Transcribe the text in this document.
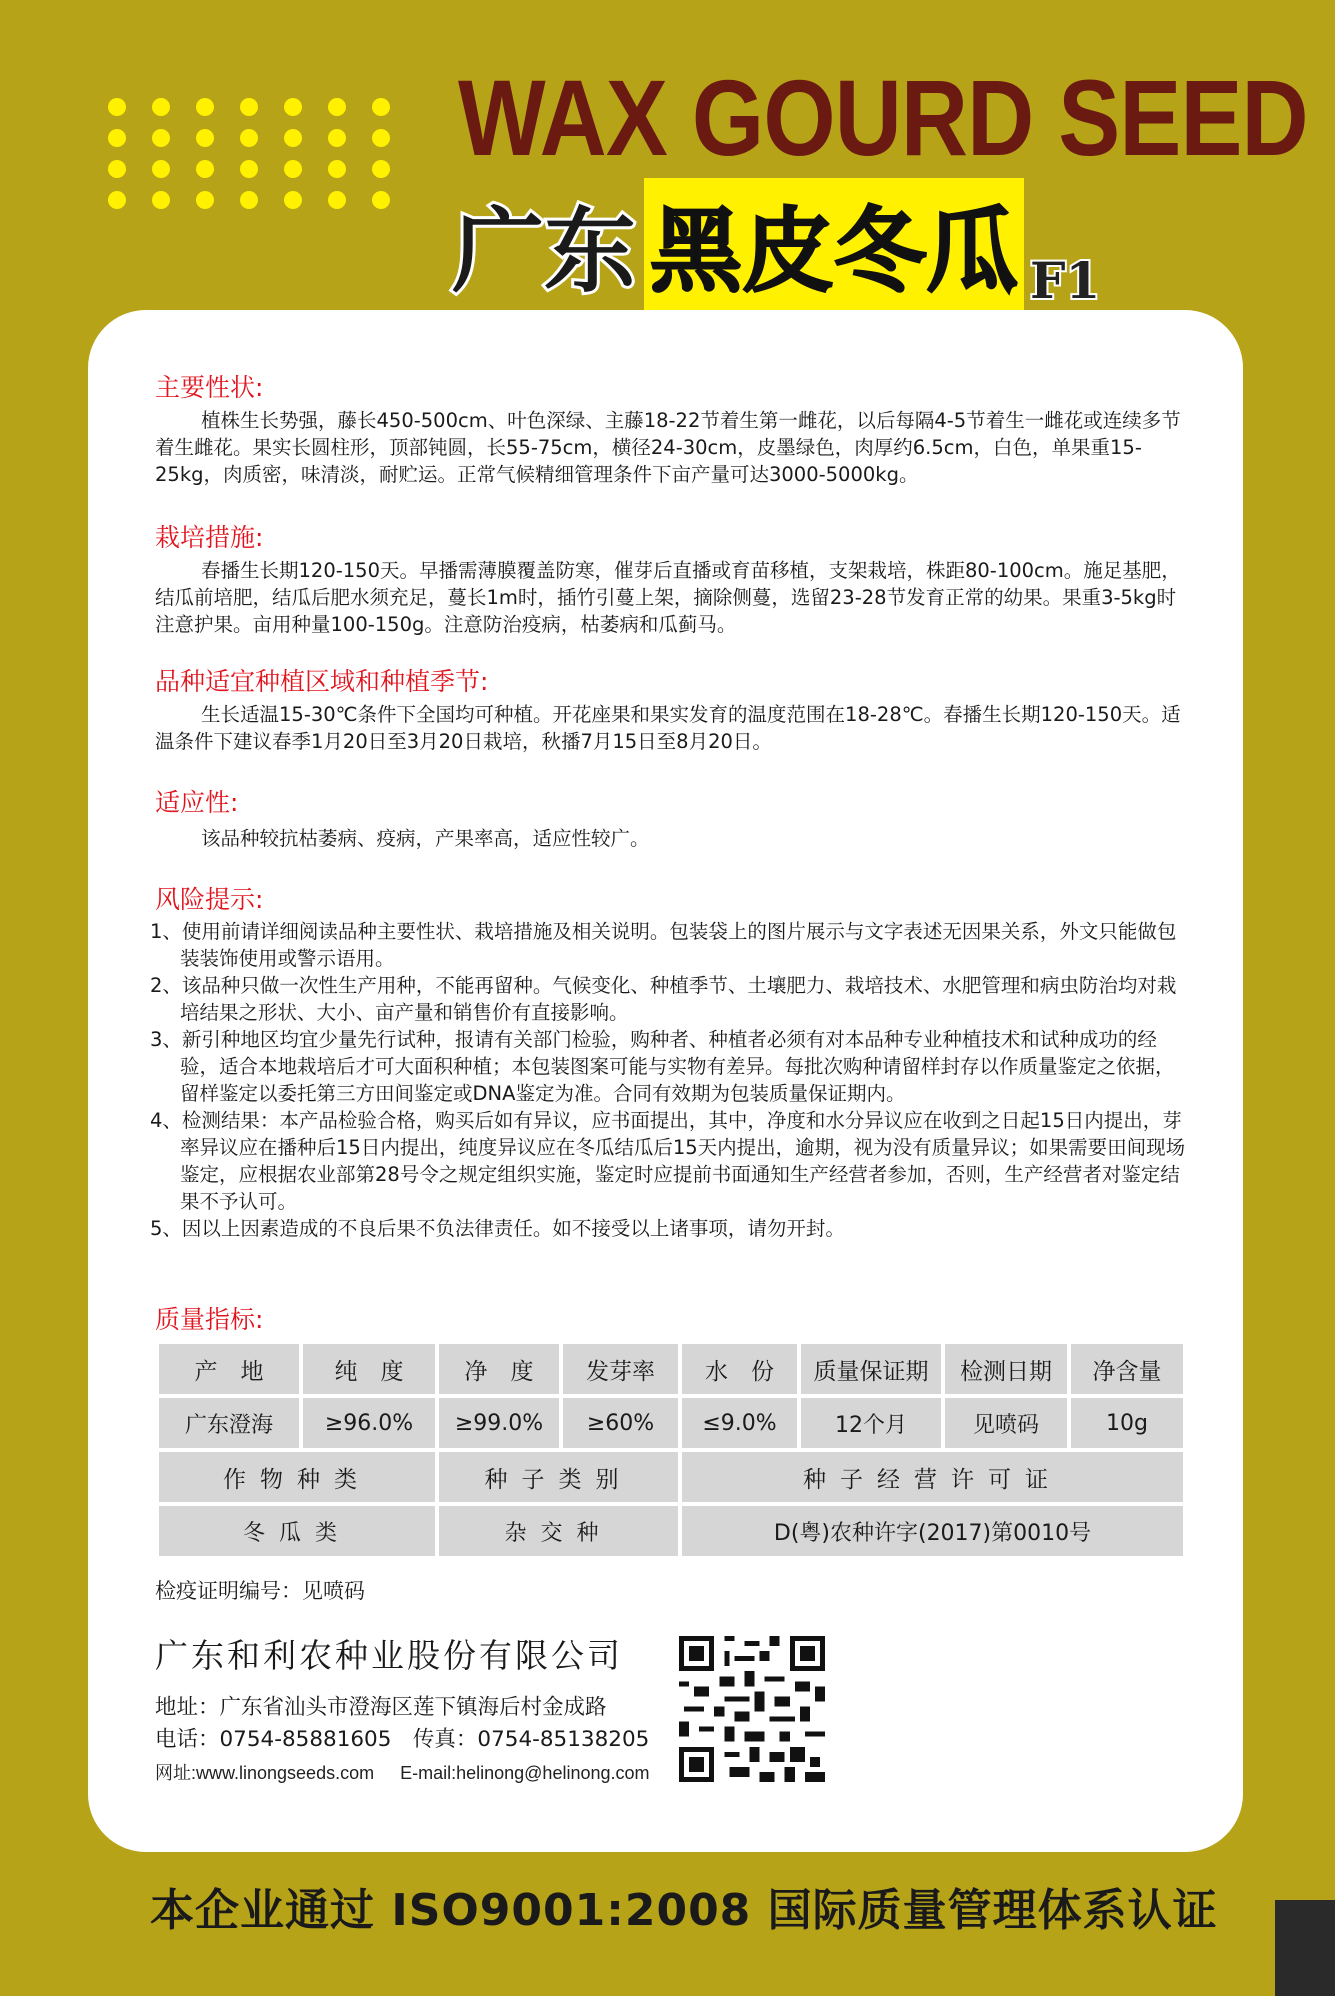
WAX GOURD SEED
广东 黑皮冬瓜 F1
主要性状:

植株生长势强，藤长450-500cm、叶色深绿、主藤18-22节着生第一雌花，以后每隔4-5节着生一雌花或连续多节着生雌花。果实长圆柱形，顶部钝圆，长55-75cm，横径24-30cm，皮墨绿色，肉厚约6.5cm，白色，单果重15-25kg，肉质密，味清淡，耐贮运。正常气候精细管理条件下亩产量可达3000-5000kg。

栽培措施:

春播生长期120-150天。早播需薄膜覆盖防寒，催芽后直播或育苗移植，支架栽培，株距80-100cm。施足基肥，结瓜前培肥，结瓜后肥水须充足，蔓长1m时，插竹引蔓上架，摘除侧蔓，选留23-28节发育正常的幼果。果重3-5kg时注意护果。亩用种量100-150g。注意防治疫病，枯萎病和瓜蓟马。

品种适宜种植区域和种植季节:

生长适温15-30℃条件下全国均可种植。开花座果和果实发育的温度范围在18-28℃。春播生长期120-150天。适温条件下建议春季1月20日至3月20日栽培，秋播7月15日至8月20日。

适应性:

该品种较抗枯萎病、疫病，产果率高，适应性较广。

风险提示:

1、使用前请详细阅读品种主要性状、栽培措施及相关说明。包装袋上的图片展示与文字表述无因果关系，外文只能做包装装饰使用或警示语用。

2、该品种只做一次性生产用种，不能再留种。气候变化、种植季节、土壤肥力、栽培技术、水肥管理和病虫防治均对栽培结果之形状、大小、亩产量和销售价有直接影响。

3、新引种地区均宜少量先行试种，报请有关部门检验，购种者、种植者必须有对本品种专业种植技术和试种成功的经验，适合本地栽培后才可大面积种植；本包装图案可能与实物有差异。每批次购种请留样封存以作质量鉴定之依据，留样鉴定以委托第三方田间鉴定或DNA鉴定为准。合同有效期为包装质量保证期内。

4、检测结果：本产品检验合格，购买后如有异议，应书面提出，其中，净度和水分异议应在收到之日起15日内提出，芽率异议应在播种后15日内提出，纯度异议应在冬瓜结瓜后15天内提出，逾期，视为没有质量异议；如果需要田间现场鉴定，应根据农业部第28号令之规定组织实施，鉴定时应提前书面通知生产经营者参加，否则，生产经营者对鉴定结果不予认可。

5、因以上因素造成的不良后果不负法律责任。如不接受以上诸事项，请勿开封。

质量指标:
产　地	纯　度	净　度	发芽率	水　份	质量保证期	检测日期	净含量
广东澄海	≥96.0%	≥99.0%	≥60%	≤9.0%	12个月	见喷码	10g
作物种类		种子类别		种子经营许可证			
冬瓜类		杂交种		D(粤)农种许字(2017)第0010号			
检疫证明编号：见喷码
广东和利农种业股份有限公司
地址：广东省汕头市澄海区莲下镇海后村金成路
电话：0754-85881605　传真：0754-85138205
网址:www.linongseeds.com E-mail:helinong@helinong.com
本企业通过 ISO9001:2008 国际质量管理体系认证
